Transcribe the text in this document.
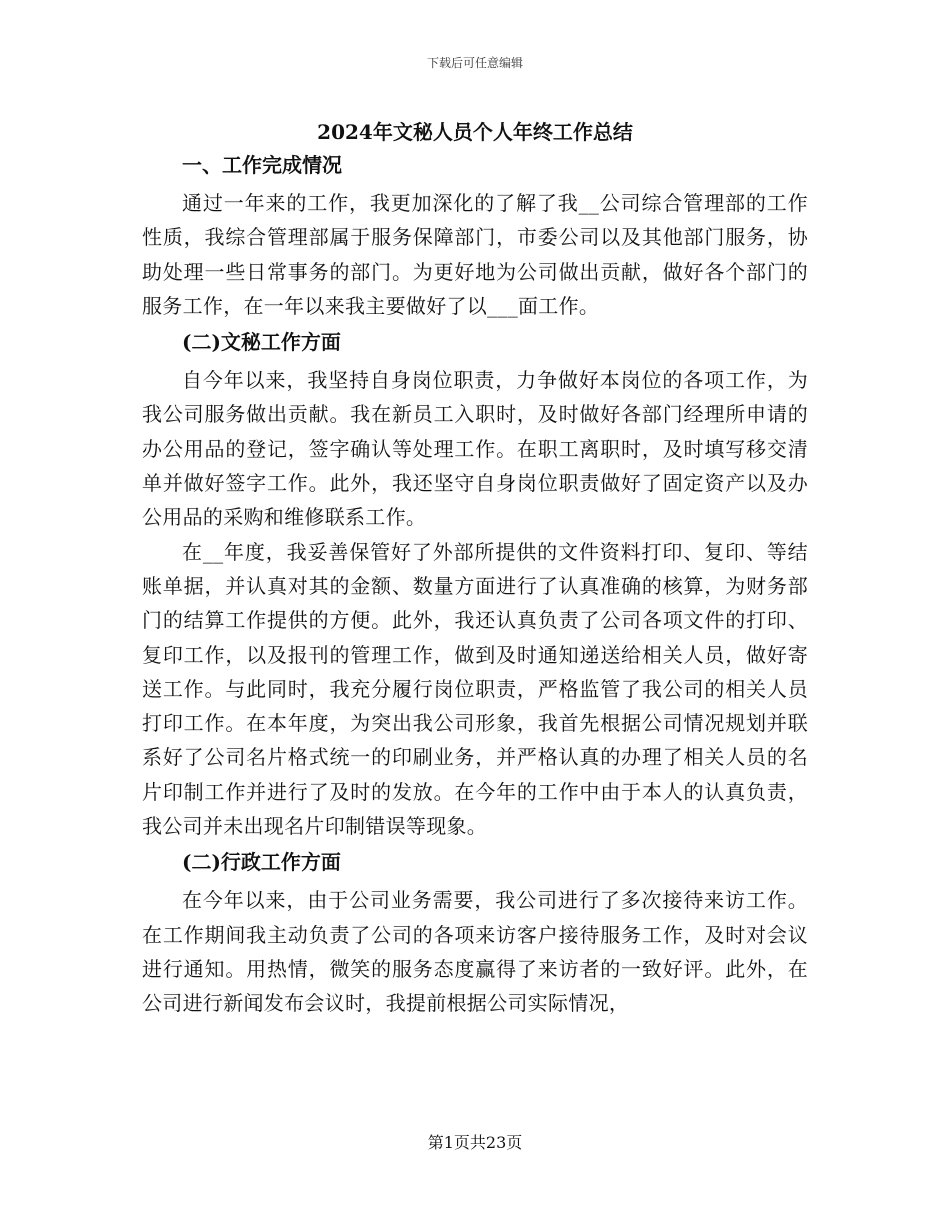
下载后可任意编辑
2024年文秘人员个人年终工作总结
一、工作完成情况

通过一年来的工作，我更加深化的了解了我__公司综合管理部的工作性质，我综合管理部属于服务保障部门，市委公司以及其他部门服务，协助处理一些日常事务的部门。为更好地为公司做出贡献，做好各个部门的服务工作，在一年以来我主要做好了以___面工作。

(二)文秘工作方面

自今年以来，我坚持自身岗位职责，力争做好本岗位的各项工作，为我公司服务做出贡献。我在新员工入职时，及时做好各部门经理所申请的办公用品的登记，签字确认等处理工作。在职工离职时，及时填写移交清单并做好签字工作。此外，我还坚守自身岗位职责做好了固定资产以及办公用品的采购和维修联系工作。

在__年度，我妥善保管好了外部所提供的文件资料打印、复印、等结账单据，并认真对其的金额、数量方面进行了认真准确的核算，为财务部门的结算工作提供的方便。此外，我还认真负责了公司各项文件的打印、复印工作，以及报刊的管理工作，做到及时通知递送给相关人员，做好寄送工作。与此同时，我充分履行岗位职责，严格监管了我公司的相关人员打印工作。在本年度，为突出我公司形象，我首先根据公司情况规划并联系好了公司名片格式统一的印刷业务，并严格认真的办理了相关人员的名片印制工作并进行了及时的发放。在今年的工作中由于本人的认真负责，我公司并未出现名片印制错误等现象。

(二)行政工作方面

在今年以来，由于公司业务需要，我公司进行了多次接待来访工作。在工作期间我主动负责了公司的各项来访客户接待服务工作，及时对会议进行通知。用热情，微笑的服务态度赢得了来访者的一致好评。此外，在公司进行新闻发布会议时，我提前根据公司实际情况，

第1页共23页
